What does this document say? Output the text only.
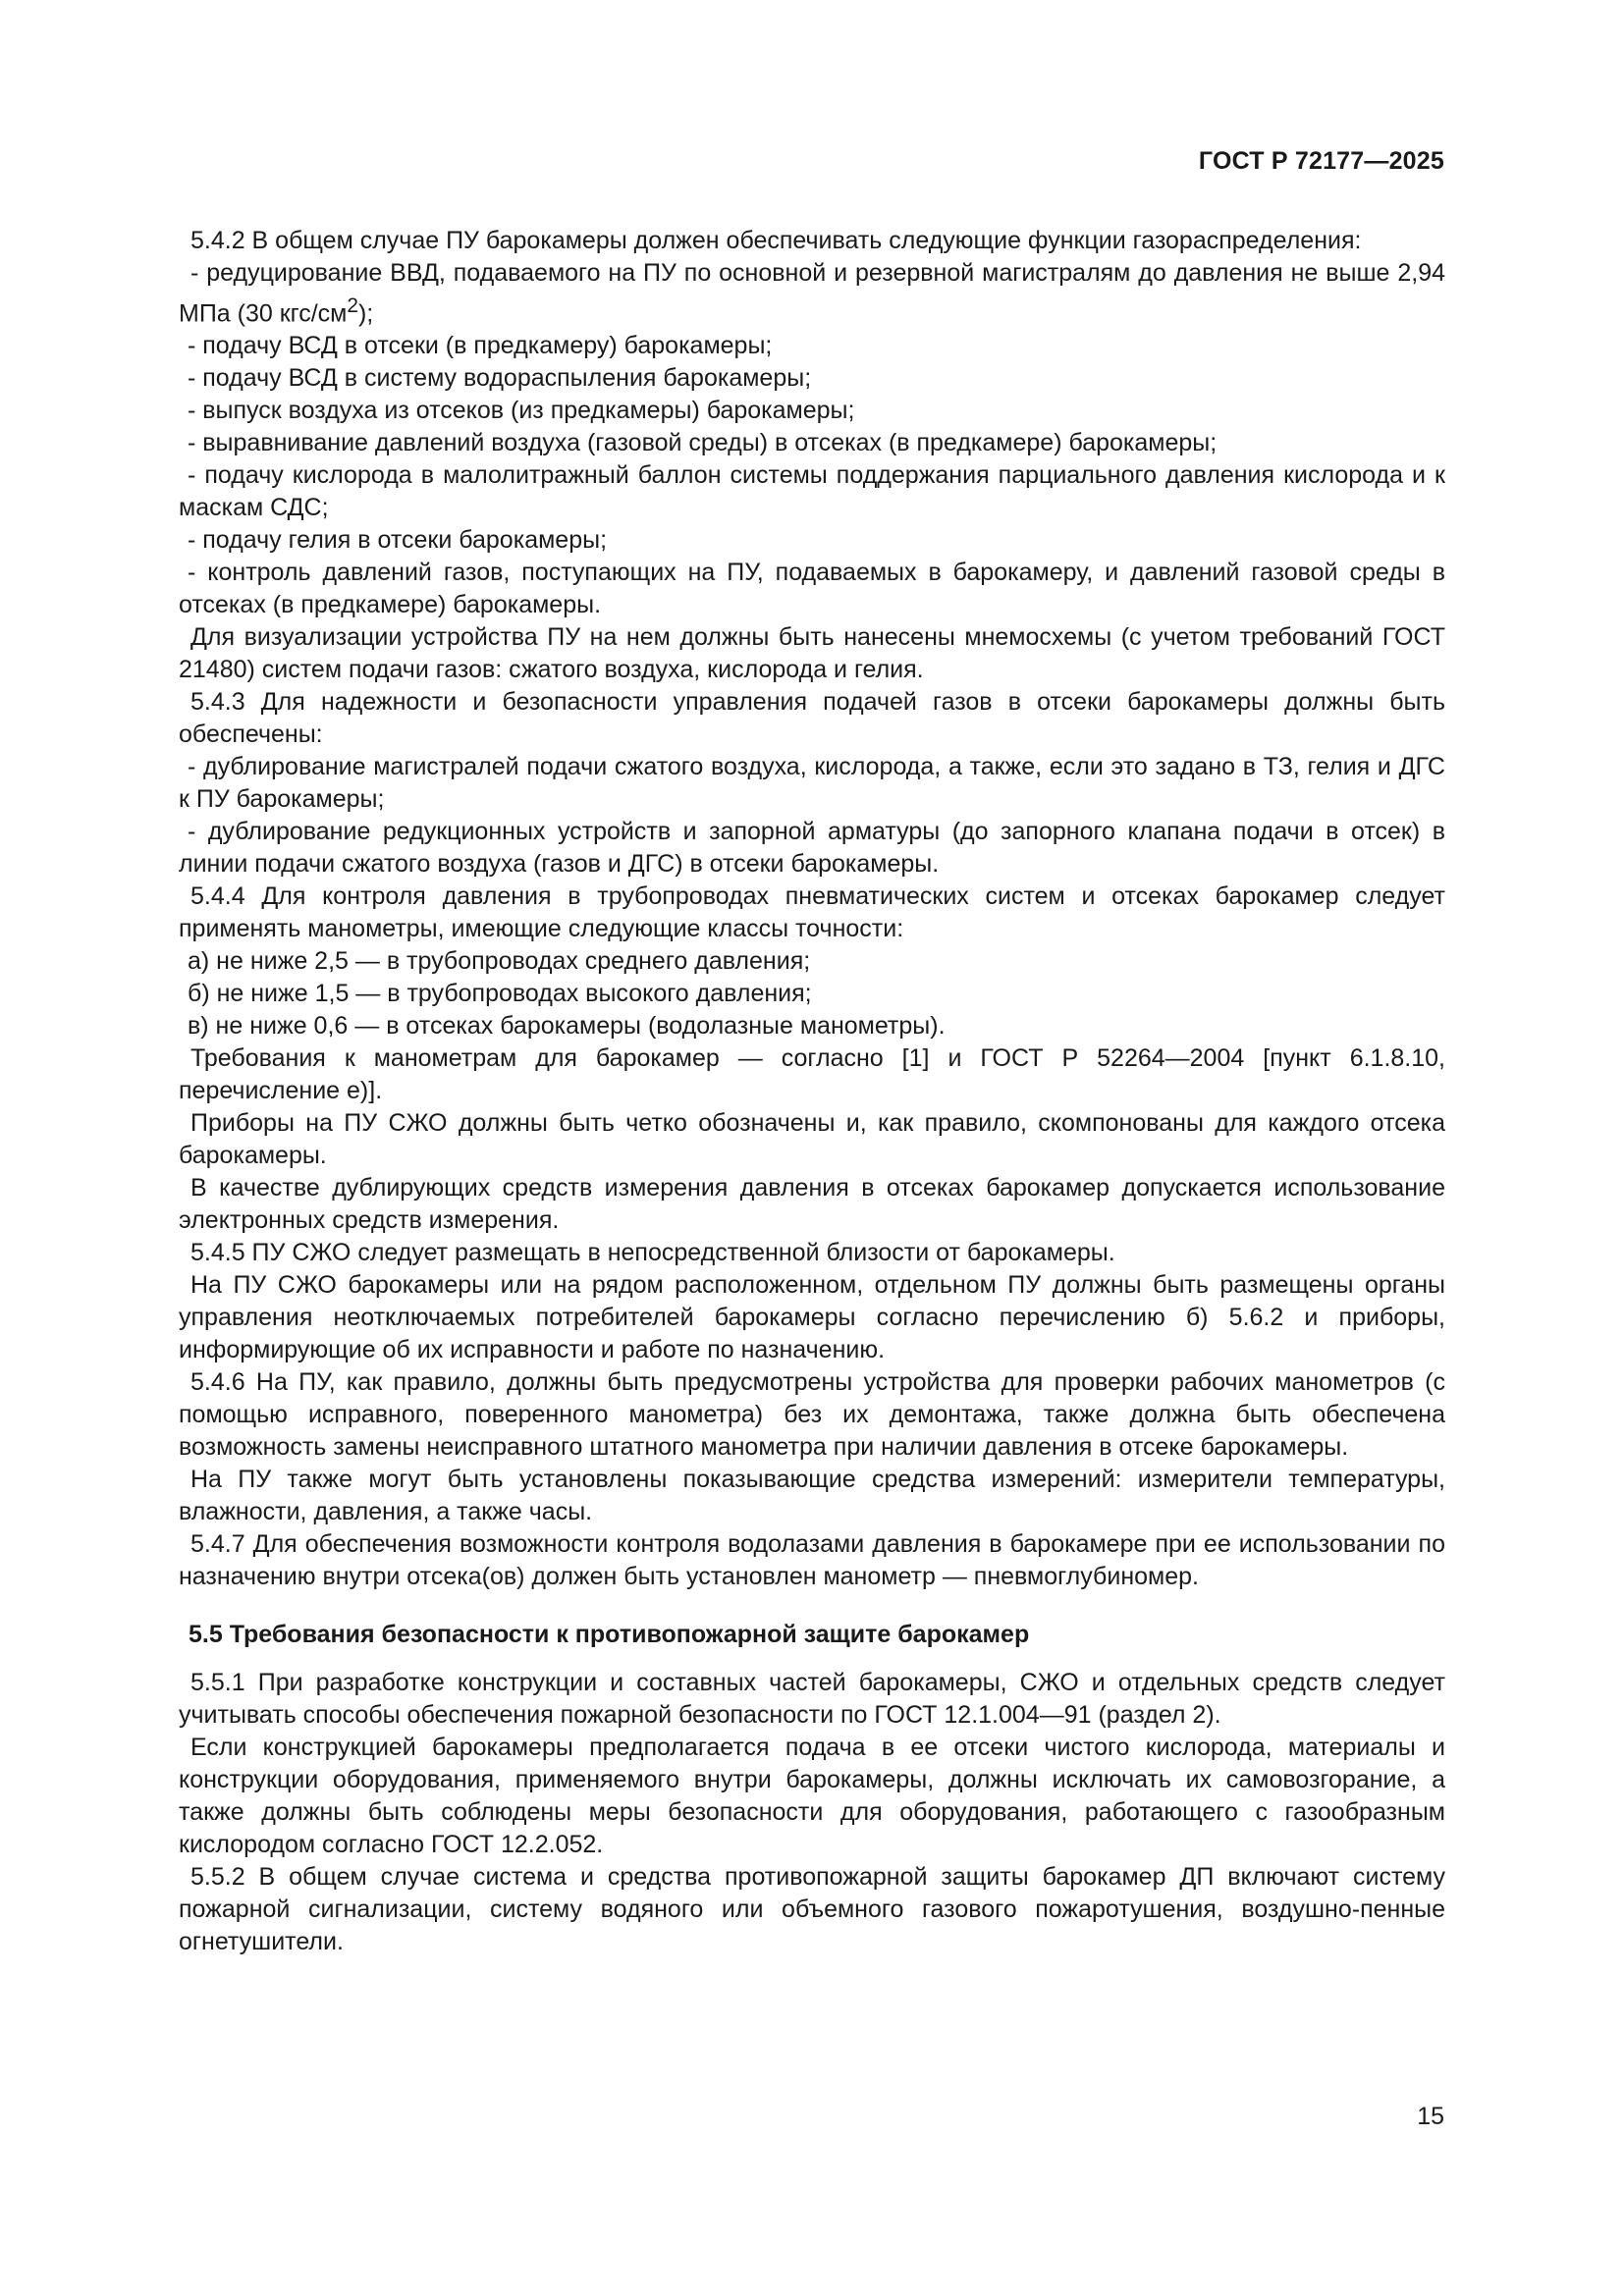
ГОСТ Р 72177—2025

5.4.2 В общем случае ПУ барокамеры должен обеспечивать следующие функции газораспределения:

- редуцирование ВВД, подаваемого на ПУ по основной и резервной магистралям до давления не выше 2,94 МПа (30 кгс/$см^2$);

- подачу ВСД в отсеки (в предкамеру) барокамеры;

- подачу ВСД в систему водораспыления барокамеры;

- выпуск воздуха из отсеков (из предкамеры) барокамеры;

- выравнивание давлений воздуха (газовой среды) в отсеках (в предкамере) барокамеры;

- подачу кислорода в малолитражный баллон системы поддержания парциального давления кислорода и к маскам СДС;

- подачу гелия в отсеки барокамеры;

- контроль давлений газов, поступающих на ПУ, подаваемых в барокамеру, и давлений газовой среды в отсеках (в предкамере) барокамеры.

Для визуализации устройства ПУ на нем должны быть нанесены мнемосхемы (с учетом требований ГОСТ 21480) систем подачи газов: сжатого воздуха, кислорода и гелия.

5.4.3 Для надежности и безопасности управления подачей газов в отсеки барокамеры должны быть обеспечены:

- дублирование магистралей подачи сжатого воздуха, кислорода, а также, если это задано в ТЗ, гелия и ДГС к ПУ барокамеры;

- дублирование редукционных устройств и запорной арматуры (до запорного клапана подачи в отсек) в линии подачи сжатого воздуха (газов и ДГС) в отсеки барокамеры.

5.4.4 Для контроля давления в трубопроводах пневматических систем и отсеках барокамер следует применять манометры, имеющие следующие классы точности:

а) не ниже 2,5 — в трубопроводах среднего давления;

б) не ниже 1,5 — в трубопроводах высокого давления;

в) не ниже 0,6 — в отсеках барокамеры (водолазные манометры).

Требования к манометрам для барокамер — согласно [1] и ГОСТ Р 52264—2004 [пункт 6.1.8.10, перечисление е)].

Приборы на ПУ СЖО должны быть четко обозначены и, как правило, скомпонованы для каждого отсека барокамеры.

В качестве дублирующих средств измерения давления в отсеках барокамер допускается использование электронных средств измерения.

5.4.5 ПУ СЖО следует размещать в непосредственной близости от барокамеры.

На ПУ СЖО барокамеры или на рядом расположенном, отдельном ПУ должны быть размещены органы управления неотключаемых потребителей барокамеры согласно перечислению б) 5.6.2 и приборы, информирующие об их исправности и работе по назначению.

5.4.6 На ПУ, как правило, должны быть предусмотрены устройства для проверки рабочих манометров (с помощью исправного, поверенного манометра) без их демонтажа, также должна быть обеспечена возможность замены неисправного штатного манометра при наличии давления в отсеке барокамеры.

На ПУ также могут быть установлены показывающие средства измерений: измерители температуры, влажности, давления, а также часы.

5.4.7 Для обеспечения возможности контроля водолазами давления в барокамере при ее использовании по назначению внутри отсека(ов) должен быть установлен манометр — пневмоглубиномер.

5.5 Требования безопасности к противопожарной защите барокамер

5.5.1 При разработке конструкции и составных частей барокамеры, СЖО и отдельных средств следует учитывать способы обеспечения пожарной безопасности по ГОСТ 12.1.004—91 (раздел 2).

Если конструкцией барокамеры предполагается подача в ее отсеки чистого кислорода, материалы и конструкции оборудования, применяемого внутри барокамеры, должны исключать их самовозгорание, а также должны быть соблюдены меры безопасности для оборудования, работающего с газообразным кислородом согласно ГОСТ 12.2.052.

5.5.2 В общем случае система и средства противопожарной защиты барокамер ДП включают систему пожарной сигнализации, систему водяного или объемного газового пожаротушения, воздушно-пенные огнетушители.

15
